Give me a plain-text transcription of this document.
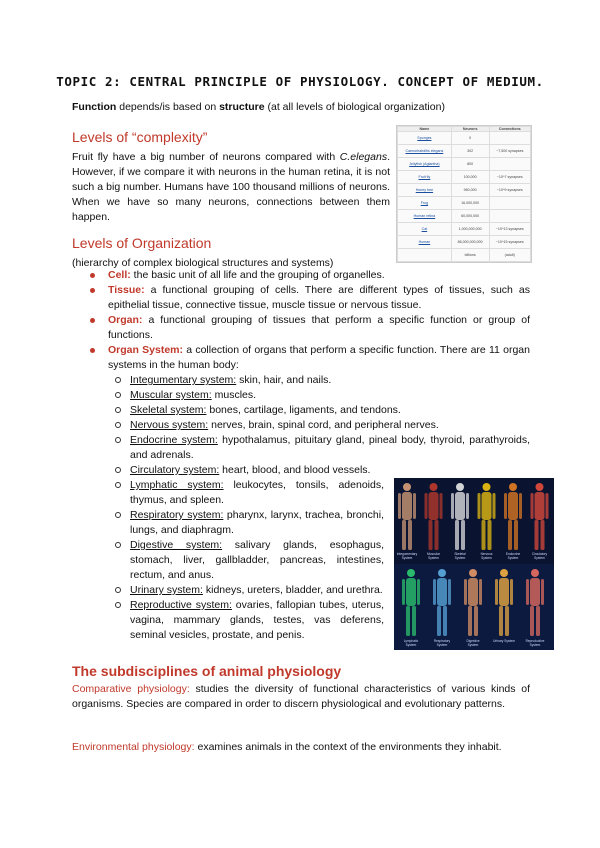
TOPIC 2: CENTRAL PRINCIPLE OF PHYSIOLOGY. CONCEPT OF MEDIUM.
Function depends/is based on structure (at all levels of biological organization)
Levels of “complexity”
Fruit fly have a big number of neurons compared with C.elegans. However, if we compare it with neurons in the human retina, it is not such a big number. Humans have 100 thousand millions of neurons. When we have so many neurons, connections between them happen.
Name	Neurons	Connections
Sponges	0	
Caenorhabditis elegans	302	~7,500 synapses
Jellyfish (Aglantha)	800	
Fruit fly	100,000	~10^7 synapses
Honey bee	960,000	~10^9 synapses
Frog	16,000,000	
Human retina	60,000,000	
Cat	1,000,000,000	~10^13 synapses
Human	86,000,000,000	~10^15 synapses
	billions	(adult)
Levels of Organization
(hierarchy of complex biological structures and systems)
Cell: the basic unit of all life and the grouping of organelles.
Tissue: a functional grouping of cells. There are different types of tissues, such as epithelial tissue, connective tissue, muscle tissue or nervous tissue.
Organ: a functional grouping of tissues that perform a specific function or group of functions.
Organ System: a collection of organs that perform a specific function. There are 11 organ systems in the human body:
Integumentary system: skin, hair, and nails.
Muscular system: muscles.
Skeletal system: bones, cartilage, ligaments, and tendons.
Nervous system: nerves, brain, spinal cord, and peripheral nerves.
Endocrine system: hypothalamus, pituitary gland, pineal body, thyroid, parathyroids, and adrenals.
Circulatory system: heart, blood, and blood vessels.
Lymphatic system: leukocytes, tonsils, adenoids, thymus, and spleen.
Respiratory system: pharynx, larynx, trachea, bronchi, lungs, and diaphragm.
Digestive system: salivary glands, esophagus, stomach, liver, gallbladder, pancreas, intestines, rectum, and anus.
Urinary system: kidneys, ureters, bladder, and urethra.
Reproductive system: ovaries, fallopian tubes, uterus, vagina, mammary glands, testes, vas deferens, seminal vesicles, prostate, and penis.
Integumentary System
Muscular System
Skeletal System
Nervous System
Endocrine System
Circulatory System
Lymphatic System
Respiratory System
Digestive System
Urinary System	Reproductive System
The subdisciplines of animal physiology
Comparative physiology: studies the diversity of functional characteristics of various kinds of organisms. Species are compared in order to discern physiological and evolutionary patterns.
Environmental physiology: examines animals in the context of the environments they inhabit.
